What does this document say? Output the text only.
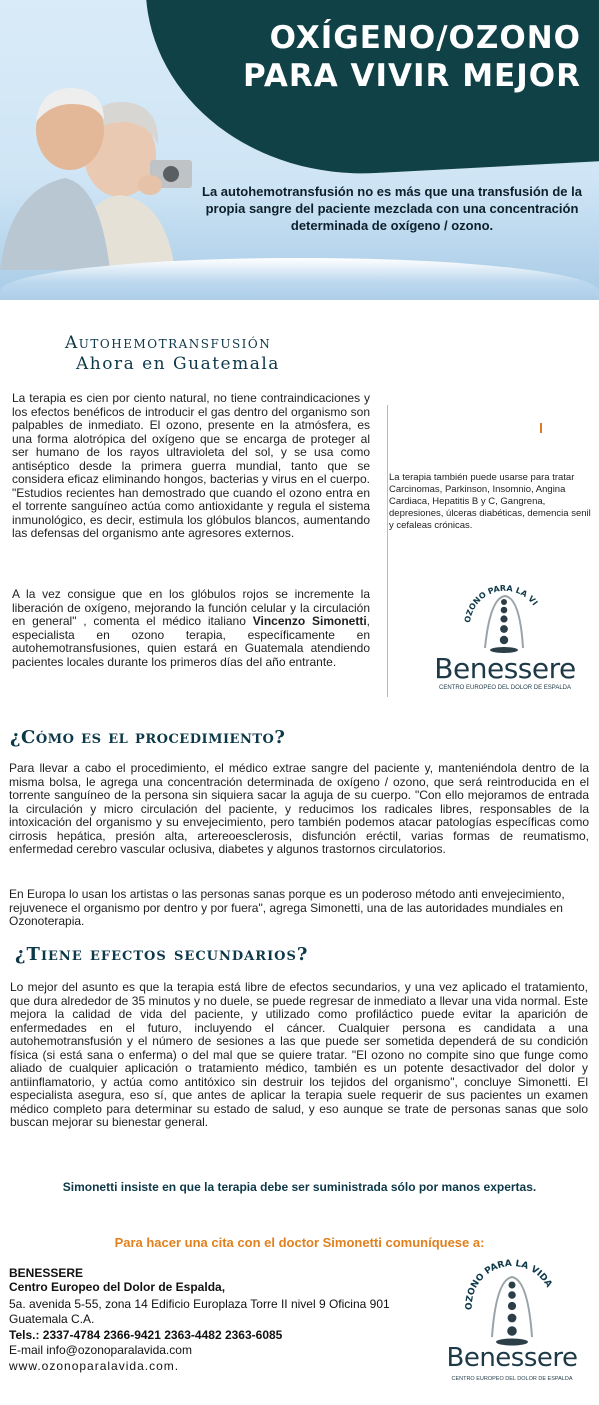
OXÍGENO/OZONO
PARA VIVIR MEJOR
La autohemotransfusión no es más que una transfusión de la propia sangre del paciente mezclada con una concentración determinada de oxígeno / ozono.
Autohemotransfusión
Ahora en Guatemala
La terapia es cien por ciento natural, no tiene contraindicaciones y los efectos benéficos de introducir el gas dentro del organismo son palpables de inmediato. El ozono, presente en la atmósfera, es una forma alotrópica del oxígeno que se encarga de proteger al ser humano de los rayos ultravioleta del sol, y se usa como antiséptico desde la primera guerra mundial, tanto que se considera eficaz eliminando hongos, bacterias y virus en el cuerpo. "Estudios recientes han demostrado que cuando el ozono entra en el torrente sanguíneo actúa como antioxidante y regula el sistema inmunológico, es decir, estimula los glóbulos blancos, aumentando las defensas del organismo ante agresores externos.
A la vez consigue que en los glóbulos rojos se incremente la liberación de oxígeno, mejorando la función celular y la circulación en general" , comenta el médico italiano Vincenzo Simonetti, especialista en ozono terapia, específicamente en autohemotransfusiones, quien estará en Guatemala atendiendo pacientes locales durante los primeros días del año entrante.
La terapia también puede usarse para tratar Carcinomas, Parkinson, Insomnio, Angina Cardiaca, Hepatitis B y C, Gangrena, depresiones, úlceras diabéticas, demencia senil y cefaleas crónicas.
OZONO PARA LA VI
Benessere
CENTRO EUROPEO DEL DOLOR DE ESPALDA
¿Cómo es el procedimiento?
Para llevar a cabo el procedimiento, el médico extrae sangre del paciente y, manteniéndola dentro de la misma bolsa, le agrega una concentración determinada de oxígeno / ozono, que será reintroducida en el torrente sanguíneo de la persona sin siquiera sacar la aguja de su cuerpo. "Con ello mejoramos de entrada la circulación y micro circulación del paciente, y reducimos los radicales libres, responsables de la intoxicación del organismo y su envejecimiento, pero también podemos atacar patologías específicas como cirrosis hepática, presión alta, artereoesclerosis, disfunción eréctil, varias formas de reumatismo, enfermedad cerebro vascular oclusiva, diabetes y algunos trastornos circulatorios.
En Europa lo usan los artistas o las personas sanas porque es un poderoso método anti envejecimiento, rejuvenece el organismo por dentro y por fuera", agrega Simonetti, una de las autoridades mundiales en Ozonoterapia.
¿Tiene efectos secundarios?
Lo mejor del asunto es que la terapia está libre de efectos secundarios, y una vez aplicado el tratamiento, que dura alrededor de 35 minutos y no duele, se puede regresar de inmediato a llevar una vida normal. Este mejora la calidad de vida del paciente, y utilizado como profiláctico puede evitar la aparición de enfermedades en el futuro, incluyendo el cáncer. Cualquier persona es candidata a una autohemotransfusión y el número de sesiones a las que puede ser sometida dependerá de su condición física (si está sana o enferma) o del mal que se quiere tratar. "El ozono no compite sino que funge como aliado de cualquier aplicación o tratamiento médico, también es un potente desactivador del dolor y antiinflamatorio, y actúa como antitóxico sin destruir los tejidos del organismo", concluye Simonetti. El especialista asegura, eso sí, que antes de aplicar la terapia suele requerir de sus pacientes un examen médico completo para determinar su estado de salud, y eso aunque se trate de personas sanas que solo buscan mejorar su bienestar general.
Simonetti insiste en que la terapia debe ser suministrada sólo por manos expertas.
Para hacer una cita con el doctor Simonetti comuníquese a:
BENESSERE
Centro Europeo del Dolor de Espalda,
5a. avenida 5-55, zona 14 Edificio Europlaza Torre II nivel 9 Oficina 901
Guatemala C.A.
Tels.: 2337-4784 2366-9421 2363-4482 2363-6085
E-mail info@ozonoparalavida.com
www.ozonoparalavida.com.
OZONO PARA LA VIDA
Benessere
CENTRO EUROPEO DEL DOLOR DE ESPALDA
